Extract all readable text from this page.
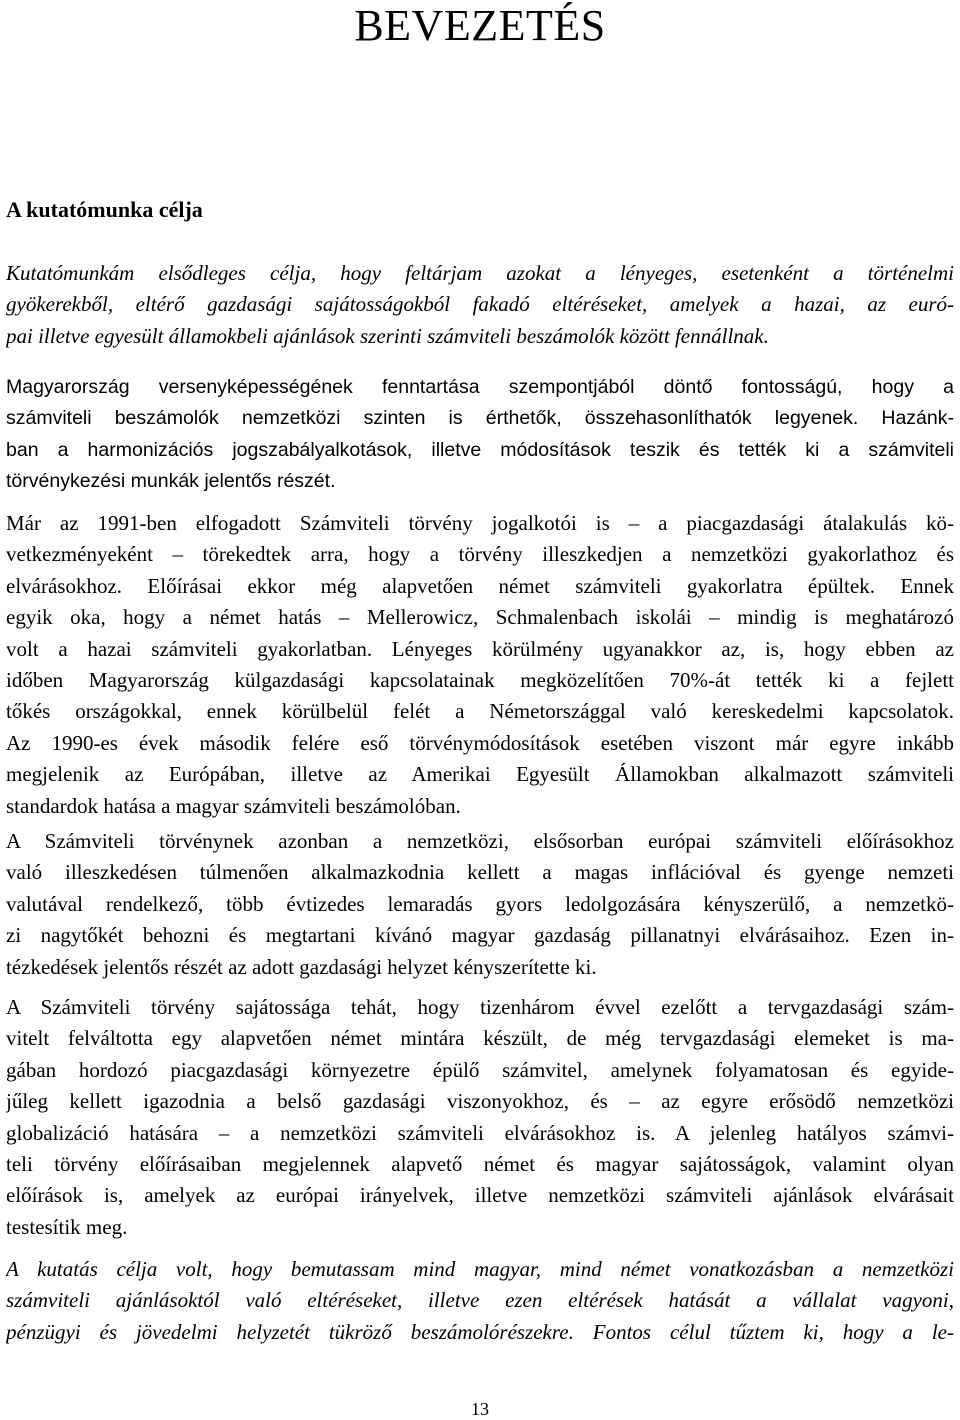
BEVEZETÉS
A kutatómunka célja
Kutatómunkám elsődleges célja, hogy feltárjam azokat a lényeges, esetenként a történelmi
gyökerekből, eltérő gazdasági sajátosságokból fakadó eltéréseket, amelyek a hazai, az euró-
pai illetve egyesült államokbeli ajánlások szerinti számviteli beszámolók között fennállnak.
Magyarország versenyképességének fenntartása szempontjából döntő fontosságú, hogy a
számviteli beszámolók nemzetközi szinten is érthetők, összehasonlíthatók legyenek. Hazánk-
ban a harmonizációs jogszabályalkotások, illetve módosítások teszik és tették ki a számviteli
törvénykezési munkák jelentős részét.
Már az 1991-ben elfogadott Számviteli törvény jogalkotói is – a piacgazdasági átalakulás kö-
vetkezményeként – törekedtek arra, hogy a törvény illeszkedjen a nemzetközi gyakorlathoz és
elvárásokhoz. Előírásai ekkor még alapvetően német számviteli gyakorlatra épültek. Ennek
egyik oka, hogy a német hatás – Mellerowicz, Schmalenbach iskolái – mindig is meghatározó
volt a hazai számviteli gyakorlatban. Lényeges körülmény ugyanakkor az, is, hogy ebben az
időben Magyarország külgazdasági kapcsolatainak megközelítően 70%-át tették ki a fejlett
tőkés országokkal, ennek körülbelül felét a Németországgal való kereskedelmi kapcsolatok.
Az 1990-es évek második felére eső törvénymódosítások esetében viszont már egyre inkább
megjelenik az Európában, illetve az Amerikai Egyesült Államokban alkalmazott számviteli
standardok hatása a magyar számviteli beszámolóban.
A Számviteli törvénynek azonban a nemzetközi, elsősorban európai számviteli előírásokhoz
való illeszkedésen túlmenően alkalmazkodnia kellett a magas inflációval és gyenge nemzeti
valutával rendelkező, több évtizedes lemaradás gyors ledolgozására kényszerülő, a nemzetkö-
zi nagytőkét behozni és megtartani kívánó magyar gazdaság pillanatnyi elvárásaihoz. Ezen in-
tézkedések jelentős részét az adott gazdasági helyzet kényszerítette ki.
A Számviteli törvény sajátossága tehát, hogy tizenhárom évvel ezelőtt a tervgazdasági szám-
vitelt felváltotta egy alapvetően német mintára készült, de még tervgazdasági elemeket is ma-
gában hordozó piacgazdasági környezetre épülő számvitel, amelynek folyamatosan és egyide-
jűleg kellett igazodnia a belső gazdasági viszonyokhoz, és – az egyre erősödő nemzetközi
globalizáció hatására – a nemzetközi számviteli elvárásokhoz is. A jelenleg hatályos számvi-
teli törvény előírásaiban megjelennek alapvető német és magyar sajátosságok, valamint olyan
előírások is, amelyek az európai irányelvek, illetve nemzetközi számviteli ajánlások elvárásait
testesítik meg.
A kutatás célja volt, hogy bemutassam mind magyar, mind német vonatkozásban a nemzetközi
számviteli ajánlásoktól való eltéréseket, illetve ezen eltérések hatását a vállalat vagyoni,
pénzügyi és jövedelmi helyzetét tükröző beszámolórészekre. Fontos célul tűztem ki, hogy a le-
13
